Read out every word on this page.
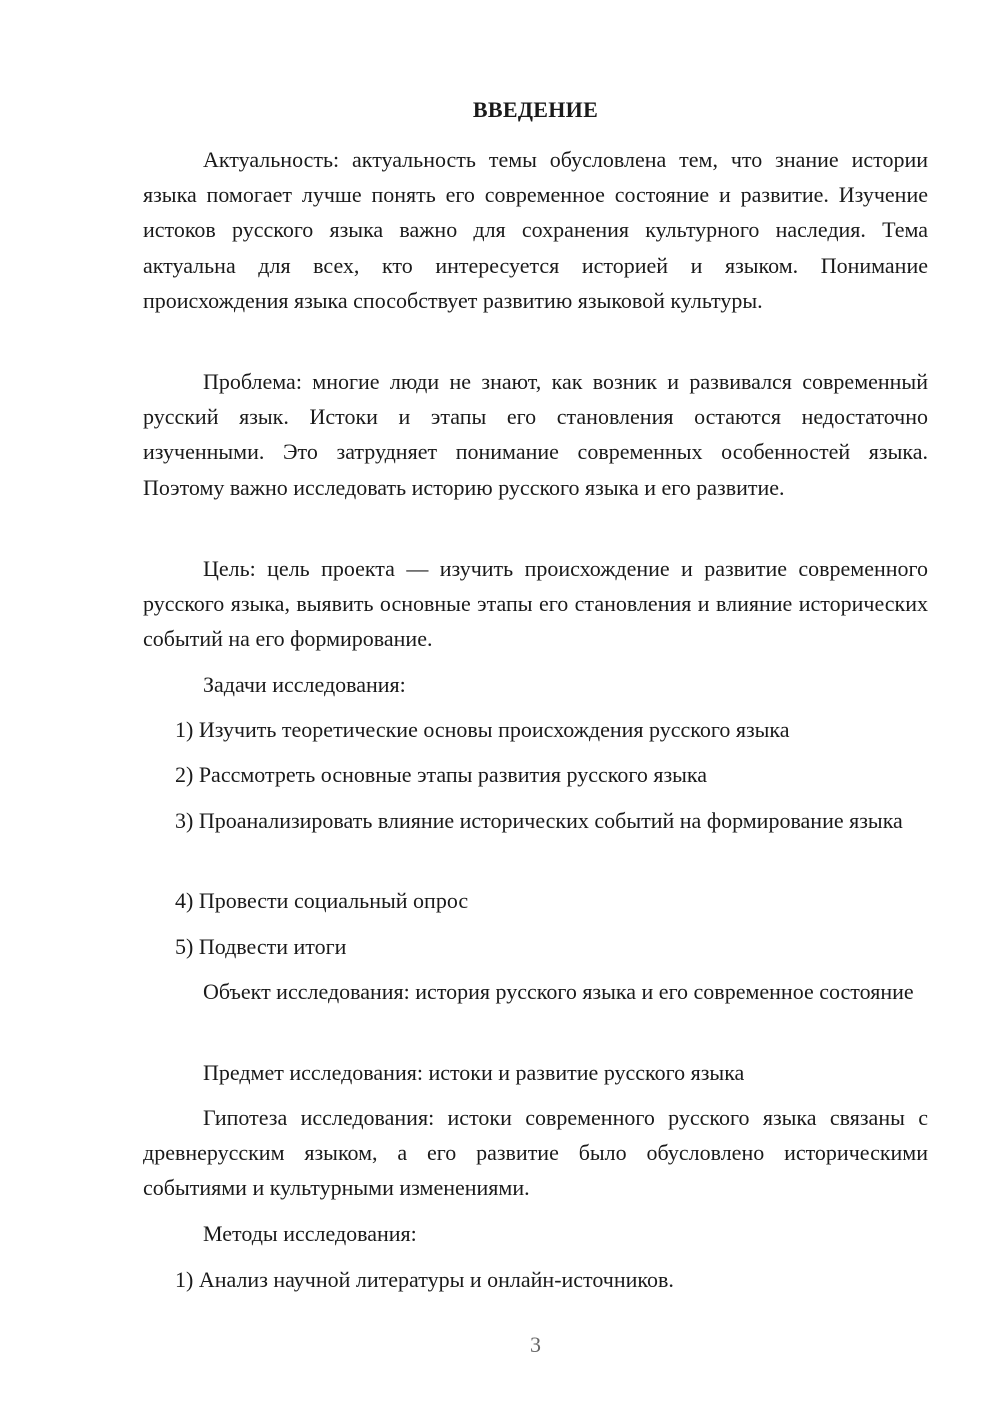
ВВЕДЕНИЕ

Актуальность: актуальность темы обусловлена тем, что знание истории языка помогает лучше понять его современное состояние и развитие. Изучение истоков русского языка важно для сохранения культурного наследия. Тема актуальна для всех, кто интересуется историей и языком. Понимание происхождения языка способствует развитию языковой культуры.

Проблема: многие люди не знают, как возник и развивался современный русский язык. Истоки и этапы его становления остаются недостаточно изученными. Это затрудняет понимание современных особенностей языка. Поэтому важно исследовать историю русского языка и его развитие.

Цель: цель проекта — изучить происхождение и развитие современного русского языка, выявить основные этапы его становления и влияние исторических событий на его формирование.

Задачи исследования:

1) Изучить теоретические основы происхождения русского языка

2) Рассмотреть основные этапы развития русского языка

3) Проанализировать влияние исторических событий на формирование языка

4) Провести социальный опрос

5) Подвести итоги

Объект исследования: история русского языка и его современное состояние

Предмет исследования: истоки и развитие русского языка

Гипотеза исследования: истоки современного русского языка связаны с древнерусским языком, а его развитие было обусловлено историческими событиями и культурными изменениями.

Методы исследования:

1) Анализ научной литературы и онлайн-источников.

3
